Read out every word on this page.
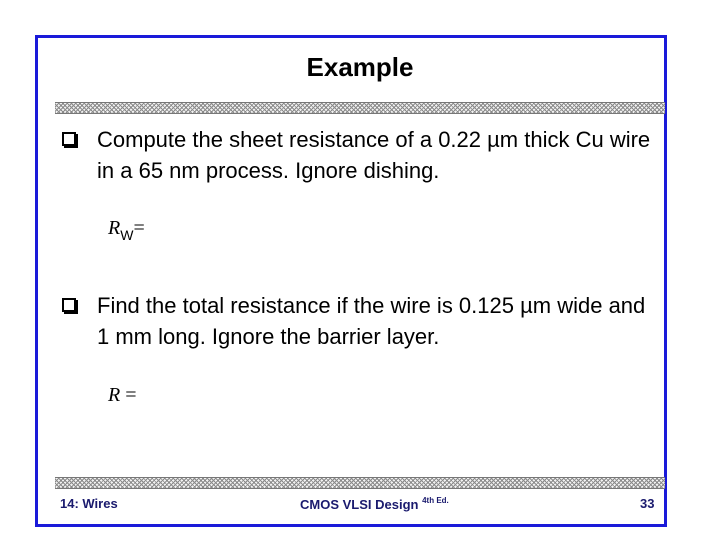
Example
Compute the sheet resistance of a 0.22 µm thick Cu wire in a 65 nm process. Ignore dishing.
$R_W=$
Find the total resistance if the wire is 0.125 µm wide and 1 mm long. Ignore the barrier layer.
R =
14: Wires	CMOS VLSI Design $^{4th Ed.}$	33
